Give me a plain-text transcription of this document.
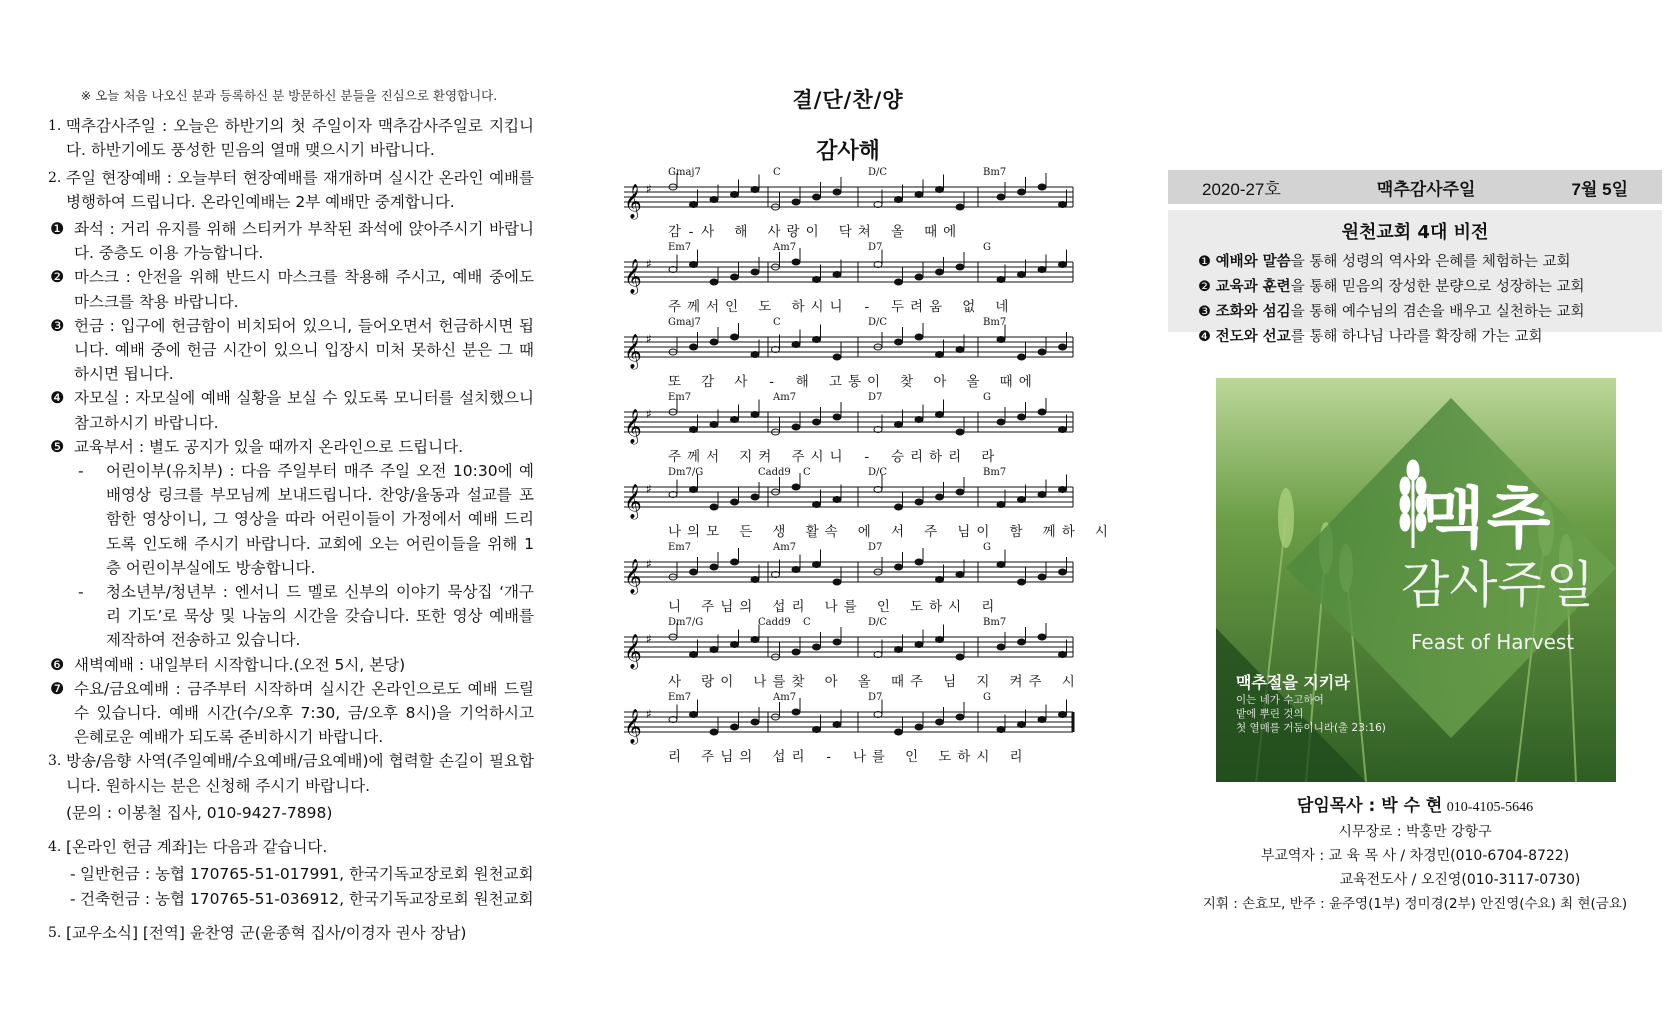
※ 오늘 처음 나오신 분과 등록하신 분 방문하신 분들을 진심으로 환영합니다.
1. 맥추감사주일 : 오늘은 하반기의 첫 주일이자 맥추감사주일로 지킵니다. 하반기에도 풍성한 믿음의 열매 맺으시기 바랍니다.
2. 주일 현장예배 : 오늘부터 현장예배를 재개하며 실시간 온라인 예배를 병행하여 드립니다. 온라인예배는 2부 예배만 중계합니다.
❶ 좌석 : 거리 유지를 위해 스티커가 부착된 좌석에 앉아주시기 바랍니다. 중층도 이용 가능합니다.
❷ 마스크 : 안전을 위해 반드시 마스크를 착용해 주시고, 예배 중에도 마스크를 착용 바랍니다.
❸ 헌금 : 입구에 헌금함이 비치되어 있으니, 들어오면서 헌금하시면 됩니다. 예배 중에 헌금 시간이 있으니 입장시 미처 못하신 분은 그 때 하시면 됩니다.
❹ 자모실 : 자모실에 예배 실황을 보실 수 있도록 모니터를 설치했으니 참고하시기 바랍니다.
❺ 교육부서 : 별도 공지가 있을 때까지 온라인으로 드립니다.
- 어린이부(유치부) : 다음 주일부터 매주 주일 오전 10:30에 예배영상 링크를 부모님께 보내드립니다. 찬양/율동과 설교를 포함한 영상이니, 그 영상을 따라 어린이들이 가정에서 예배 드리도록 인도해 주시기 바랍니다. 교회에 오는 어린이들을 위해 1층 어린이부실에도 방송합니다.
- 청소년부/청년부 : 엔서니 드 멜로 신부의 이야기 묵상집 ‘개구리 기도’로 묵상 및 나눔의 시간을 갖습니다. 또한 영상 예배를 제작하여 전송하고 있습니다.
❻ 새벽예배 : 내일부터 시작합니다.(오전 5시, 본당)
❼ 수요/금요예배 : 금주부터 시작하며 실시간 온라인으로도 예배 드릴 수 있습니다. 예배 시간(수/오후 7:30, 금/오후 8시)을 기억하시고 은혜로운 예배가 되도록 준비하시기 바랍니다.
3. 방송/음향 사역(주일예배/수요예배/금요예배)에 협력할 손길이 필요합니다. 원하시는 분은 신청해 주시기 바랍니다.
(문의 : 이봉철 집사, 010-9427-7898)
4. [온라인 헌금 계좌]는 다음과 같습니다.
- 일반헌금 : 농협 170765-51-017991, 한국기독교장로회 원천교회
- 건축헌금 : 농협 170765-51-036912, 한국기독교장로회 원천교회
5. [교우소식] [전역] 윤찬영 군(윤종혁 집사/이경자 권사 장남)
결/단/찬/양
감사해
𝄞 ♯
Gmaj7	C	D/C	Bm7
감-사 해 사랑이 닥쳐 올 때에
𝄞 ♯
Em7	Am7	D7	G
주께서인 도 하시니 - 두려움 없 네
𝄞 ♯
Gmaj7	C	D/C	Bm7
또 감 사 - 해 고통이 찾 아 올 때에
𝄞 ♯
Em7	Am7	D7	G
주께서 지켜 주시니 - 승리하리 라
𝄞 ♯
Dm7/G	Cadd9 C	D/C	Bm7
나의모 든 생 활속 에 서 주 님이 함 께하 시
𝄞 ♯
Em7	Am7	D7	G
니 주님의 섭리 나를 인 도하시 리
𝄞 ♯
Dm7/G	Cadd9 C	D/C	Bm7
사 랑이 나를찾 아 올 때주 님 지 켜주 시
𝄞 ♯
Em7	Am7	D7	G
리 주님의 섭리 - 나를 인 도하시 리
2020-27호	맥추감사주일	7월 5일
원천교회 4대 비전
❶ 예배와 말씀을 통해 성령의 역사와 은혜를 체험하는 교회
❷ 교육과 훈련을 통해 믿음의 장성한 분량으로 성장하는 교회
❸ 조화와 섬김을 통해 예수님의 겸손을 배우고 실천하는 교회
❹ 전도와 선교를 통해 하나님 나라를 확장해 가는 교회
맥추
감사주일
Feast of Harvest
맥추절을 지키라
이는 네가 수고하여
밭에 뿌린 것의
첫 열매를 거둠이니라(출 23:16)
담임목사 : 박 수 현 010-4105-5646
시무장로 : 박홍만 강항구
부교역자 : 교 육 목 사 / 차경민(010-6704-8722)
교육전도사 / 오진영(010-3117-0730)
지휘 : 손효모, 반주 : 윤주영(1부) 정미경(2부) 안진영(수요) 최 현(금요)
